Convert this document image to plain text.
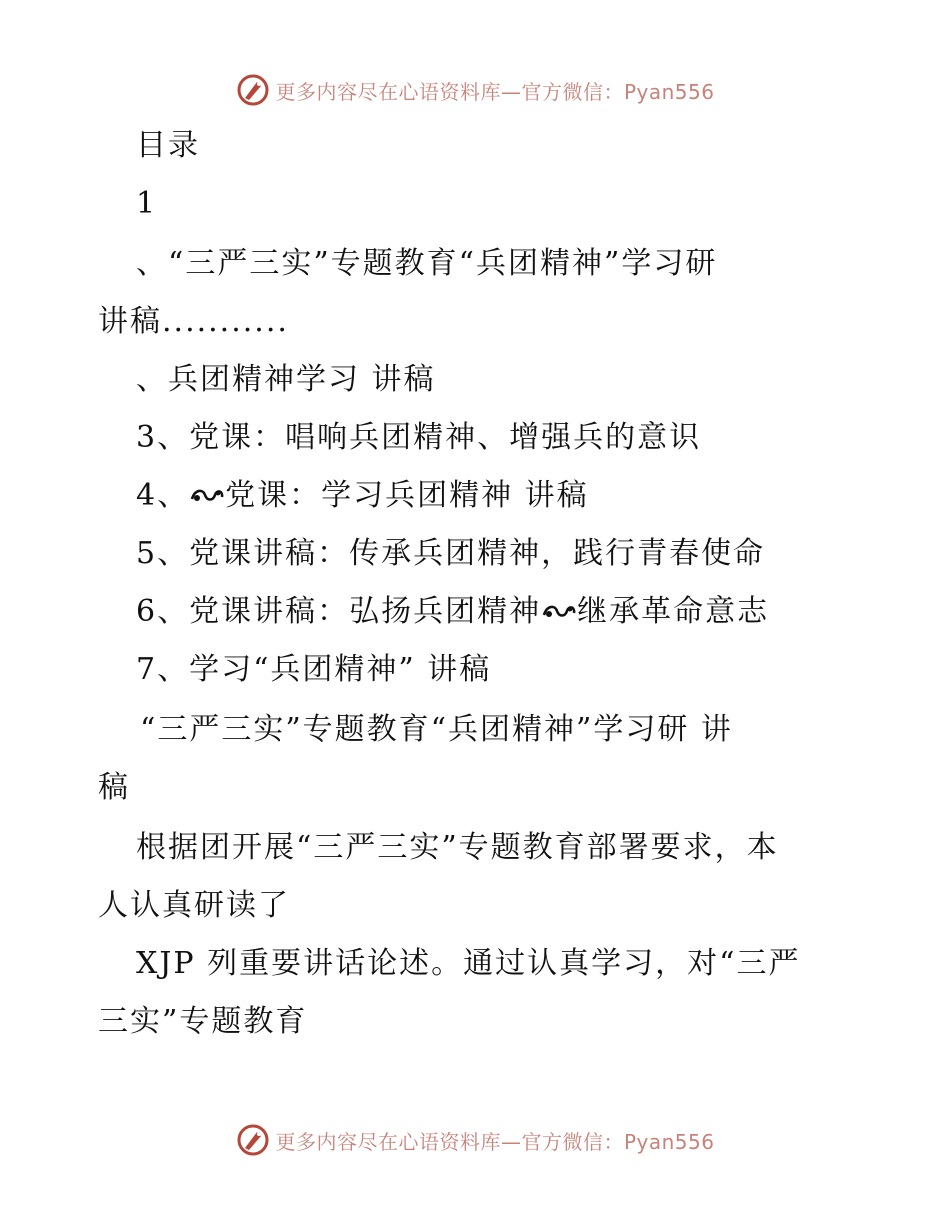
更多内容尽在心语资料库—官方微信：Pyan556
目录
1
、“三严三实”专题教育“兵团精神”学习研
讲稿...........
、兵团精神学习 讲稿
3、党课：唱响兵团精神、增强兵的意识
4、 党课：学习兵团精神 讲稿
5、党课讲稿：传承兵团精神，践行青春使命
6、党课讲稿：弘扬兵团精神 继承革命意志
7、学习“兵团精神” 讲稿
“三严三实”专题教育“兵团精神”学习研 讲
稿
根据团开展“三严三实”专题教育部署要求，本
人认真研读了
XJP 列重要讲话论述。通过认真学习，对“三严
三实”专题教育
更多内容尽在心语资料库—官方微信：Pyan556
